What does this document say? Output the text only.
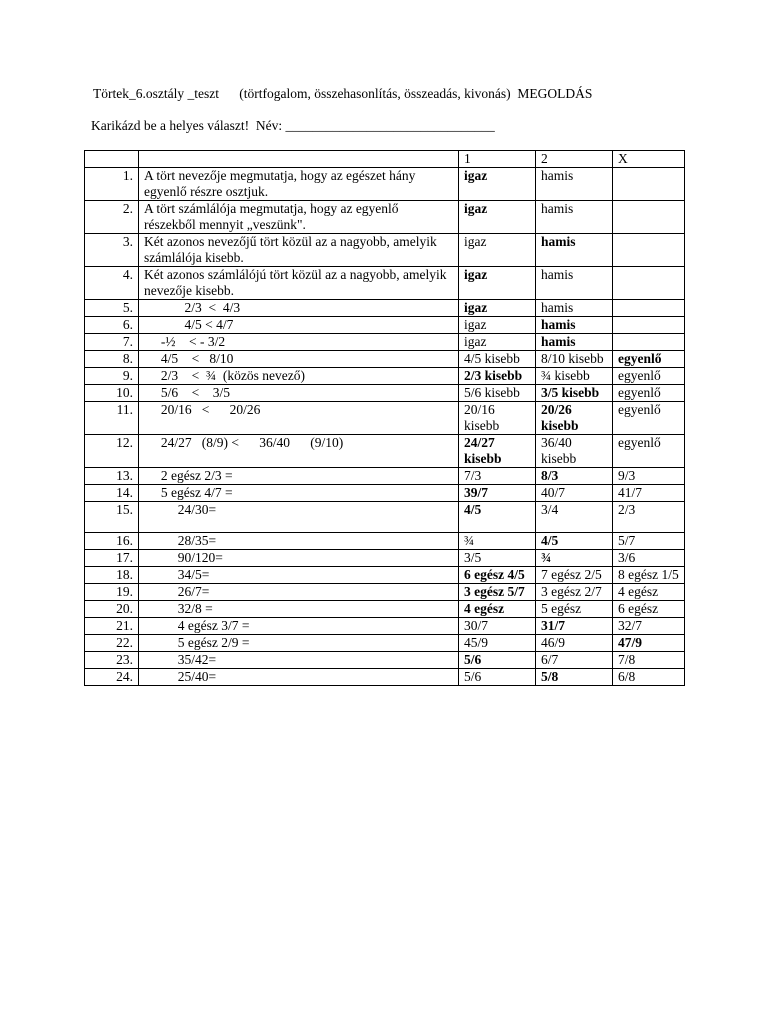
Törtek_6.osztály _teszt      (törtfogalom, összehasonlítás, összeadás, kivonás)  MEGOLDÁS
Karikázd be a helyes választ!  Név: _______________________________
		1	2	X
1.	A tört nevezője megmutatja, hogy az egészet hány egyenlő részre osztjuk.	igaz	hamis	
2.	A tört számlálója megmutatja, hogy az egyenlő részekből mennyit „veszünk".	igaz	hamis	
3.	Két azonos nevezőjű tört közül az a nagyobb, amelyik számlálója kisebb.	igaz	hamis	
4.	Két azonos számlálójú tört közül az a nagyobb, amelyik nevezője kisebb.	igaz	hamis	
5.	2/3  <  4/3	igaz	hamis	
6.	4/5 < 4/7	igaz	hamis	
7.	-½    < - 3/2	igaz	hamis	
8.	4/5    <   8/10	4/5 kisebb	8/10 kisebb	egyenlő
9.	2/3    <  ¾  (közös nevező)	2/3 kisebb	¾ kisebb	egyenlő
10.	5/6    <    3/5	5/6 kisebb	3/5 kisebb	egyenlő
11.	20/16   <      20/26	20/16 kisebb	20/26 kisebb	egyenlő
12.	24/27   (8/9) <      36/40      (9/10)	24/27 kisebb	36/40 kisebb	egyenlő
13.	2 egész 2/3 =	7/3	8/3	9/3
14.	5 egész 4/7 =	39/7	40/7	41/7
15.	24/30=	4/5	3/4	2/3
16.	28/35=	¾	4/5	5/7
17.	90/120=	3/5	¾	3/6
18.	34/5=	6 egész 4/5	7 egész 2/5	8 egész 1/5
19.	26/7=	3 egész 5/7	3 egész 2/7	4 egész
20.	32/8 =	4 egész	5 egész	6 egész
21.	4 egész 3/7 =	30/7	31/7	32/7
22.	5 egész 2/9 =	45/9	46/9	47/9
23.	35/42=	5/6	6/7	7/8
24.	25/40=	5/6	5/8	6/8
